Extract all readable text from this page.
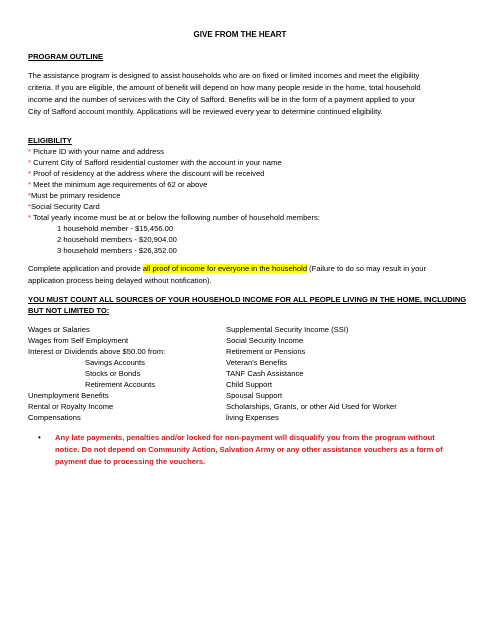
GIVE FROM THE HEART
PROGRAM OUTLINE
The assistance program is designed to assist households who are on fixed or limited incomes and meet the eligibility
criteria. If you are eligible, the amount of benefit will depend on how many people reside in the home, total household
income and the number of services with the City of Safford. Benefits will be in the form of a payment applied to your
City of Safford account monthly. Applications will be reviewed every year to determine continued eligibility.
ELIGIBILITY
* Picture ID with your name and address
* Current City of Safford residential customer with the account in your name
* Proof of residency at the address where the discount will be received
* Meet the minimum age requirements of 62 or above
*Must be primary residence
*Social Security Card
* Total yearly income must be at or below the following number of household members:
1 household member - $15,456.00
2 household members - $20,904.00
3 household members - $26,352.00
Complete application and provide all proof of income for everyone in the household (Failure to do so may result in your
application process being delayed without notification).
YOU MUST COUNT ALL SOURCES OF YOUR HOUSEHOLD INCOME FOR ALL PEOPLE LIVING IN THE HOME, INCLUDING
BUT NOT LIMITED TO:
Wages or Salaries
Wages from Self Employment
Interest or Dividends above $50.00 from:
Savings Accounts
Stocks or Bonds
Retirement Accounts
Unemployment Benefits
Rental or Royalty Income
Compensations
Supplemental Security Income (SSI)
Social Security Income
Retirement or Pensions
Veteran’s Benefits
TANF Cash Assistance
Child Support
Spousal Support
Scholarships, Grants, or other Aid Used for Worker
living Expenses
• Any late payments, penalties and/or locked for non-payment will disqualify you from the program without
notice. Do not depend on Community Action, Salvation Army or any other assistance vouchers as a form of
payment due to processing the vouchers.
